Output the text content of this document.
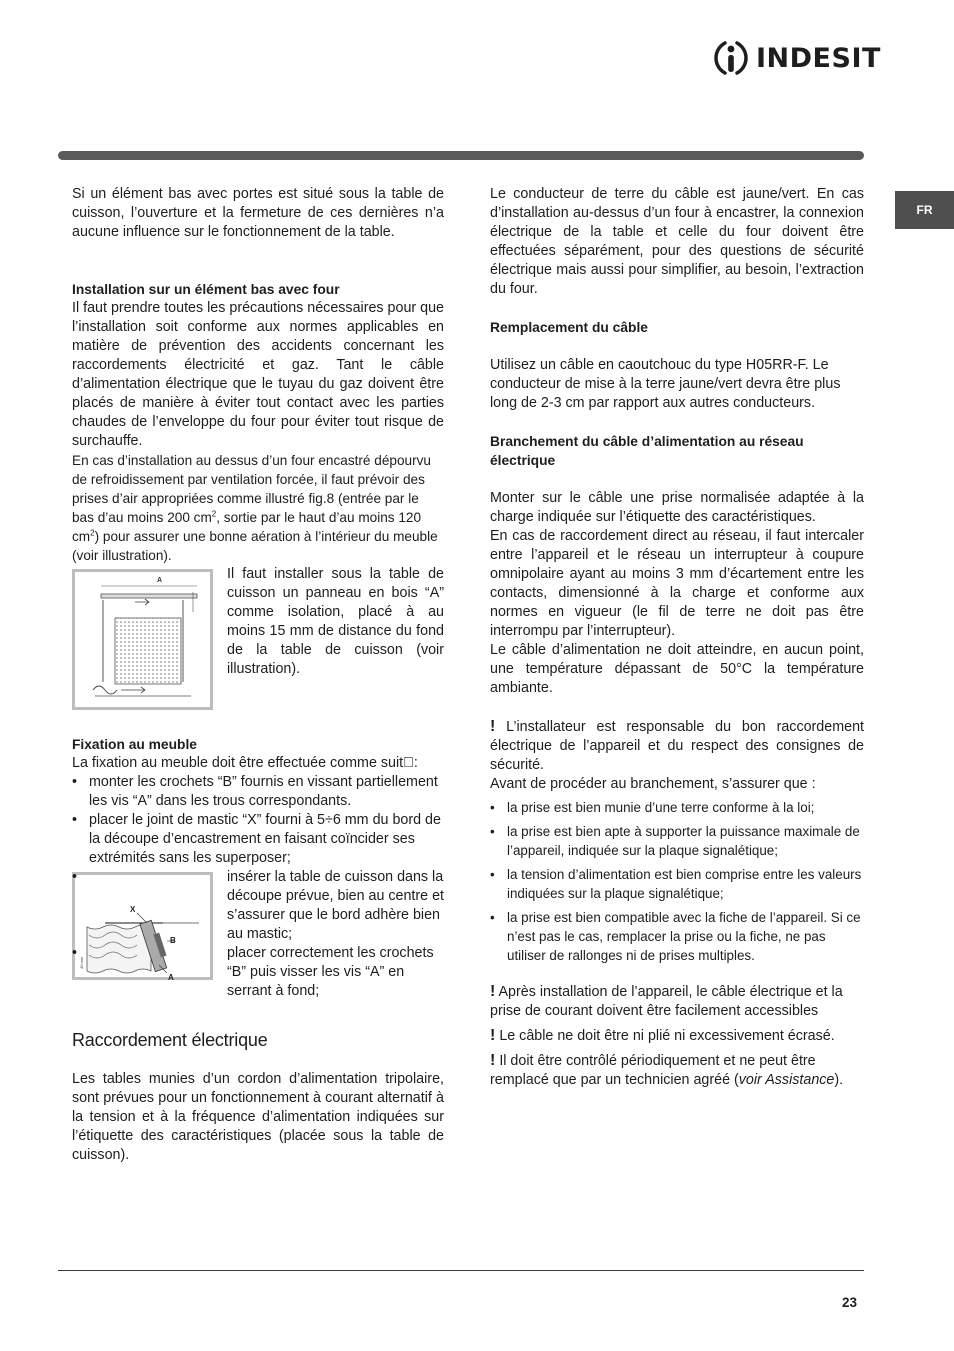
INDESIT
FR

Si un élément bas avec portes est situé sous la table de cuisson, l’ouverture et la fermeture de ces dernières n’a aucune influence sur le fonctionnement de la table.

Installation sur un élément bas avec four

Il faut prendre toutes les précautions nécessaires pour que l’installation soit conforme aux normes applicables en matière de prévention des accidents concernant les raccordements électricité et gaz. Tant le câble d’alimentation électrique que le tuyau du gaz doivent être placés de manière à éviter tout contact avec les parties chaudes de l’enveloppe du four pour éviter tout risque de surchauffe.

En cas d’installation au dessus d’un four encastré dépourvu de refroidissement par ventilation forcée, il faut prévoir des prises d’air appropriées comme illustré fig.8 (entrée par le bas d’au moins 200 $cm^2$, sortie par le haut d’au moins 120 $cm^2$) pour assurer une bonne aération à l’intérieur du meuble (voir illustration).

A	Il faut installer sous la table de cuisson un panneau en bois “A” comme isolation, placé à au moins 15 mm de distance du fond de la table de cuisson (voir illustration).

Fixation au meuble

La fixation au meuble doit être effectuée comme suit :

• monter les crochets “B” fournis en vissant partiellement les vis “A” dans les trous correspondants.
• placer le joint de mastic “X” fourni à 5÷6 mm du bord de la découpe d’encastrement en faisant coïncider ses extrémités sans les superposer;
40 mm
X
B
A
• insérer la table de cuisson dans la découpe prévue, bien au centre et s’assurer que le bord adhère bien au mastic;
• placer correctement les crochets “B” puis visser les vis “A” en serrant à fond;

Raccordement électrique

Les tables munies d’un cordon d’alimentation tripolaire, sont prévues pour un fonctionnement à courant alternatif à la tension et à la fréquence d’alimentation indiquées sur l’étiquette des caractéristiques (placée sous la table de cuisson).

Le conducteur de terre du câble est jaune/vert. En cas d’installation au-dessus d’un four à encastrer, la connexion électrique de la table et celle du four doivent être effectuées séparément, pour des questions de sécurité électrique mais aussi pour simplifier, au besoin, l’extraction du four.

Remplacement du câble

Utilisez un câble en caoutchouc du type H05RR-F. Le conducteur de mise à la terre jaune/vert devra être plus long de 2-3 cm par rapport aux autres conducteurs.

Branchement du câble d’alimentation au réseau électrique

Monter sur le câble une prise normalisée adaptée à la charge indiquée sur l’étiquette des caractéristiques.

En cas de raccordement direct au réseau, il faut intercaler entre l’appareil et le réseau un interrupteur à coupure omnipolaire ayant au moins 3 mm d’écartement entre les contacts, dimensionné à la charge et conforme aux normes en vigueur (le fil de terre ne doit pas être interrompu par l’interrupteur).

Le câble d’alimentation ne doit atteindre, en aucun point, une température dépassant de 50°C la température ambiante.

! L’installateur est responsable du bon raccordement électrique de l’appareil et du respect des consignes de sécurité.

Avant de procéder au branchement, s’assurer que :

• la prise est bien munie d’une terre conforme à la loi;
• la prise est bien apte à supporter la puissance maximale de l’appareil, indiquée sur la plaque signalétique;
• la tension d’alimentation est bien comprise entre les valeurs indiquées sur la plaque signalétique;
• la prise est bien compatible avec la fiche de l’appareil. Si ce n’est pas le cas, remplacer la prise ou la fiche, ne pas utiliser de rallonges ni de prises multiples.

! Après installation de l’appareil, le câble électrique et la prise de courant doivent être facilement accessibles

! Le câble ne doit être ni plié ni excessivement écrasé.

! Il doit être contrôlé périodiquement et ne peut être remplacé que par un technicien agréé (voir Assistance).

23
